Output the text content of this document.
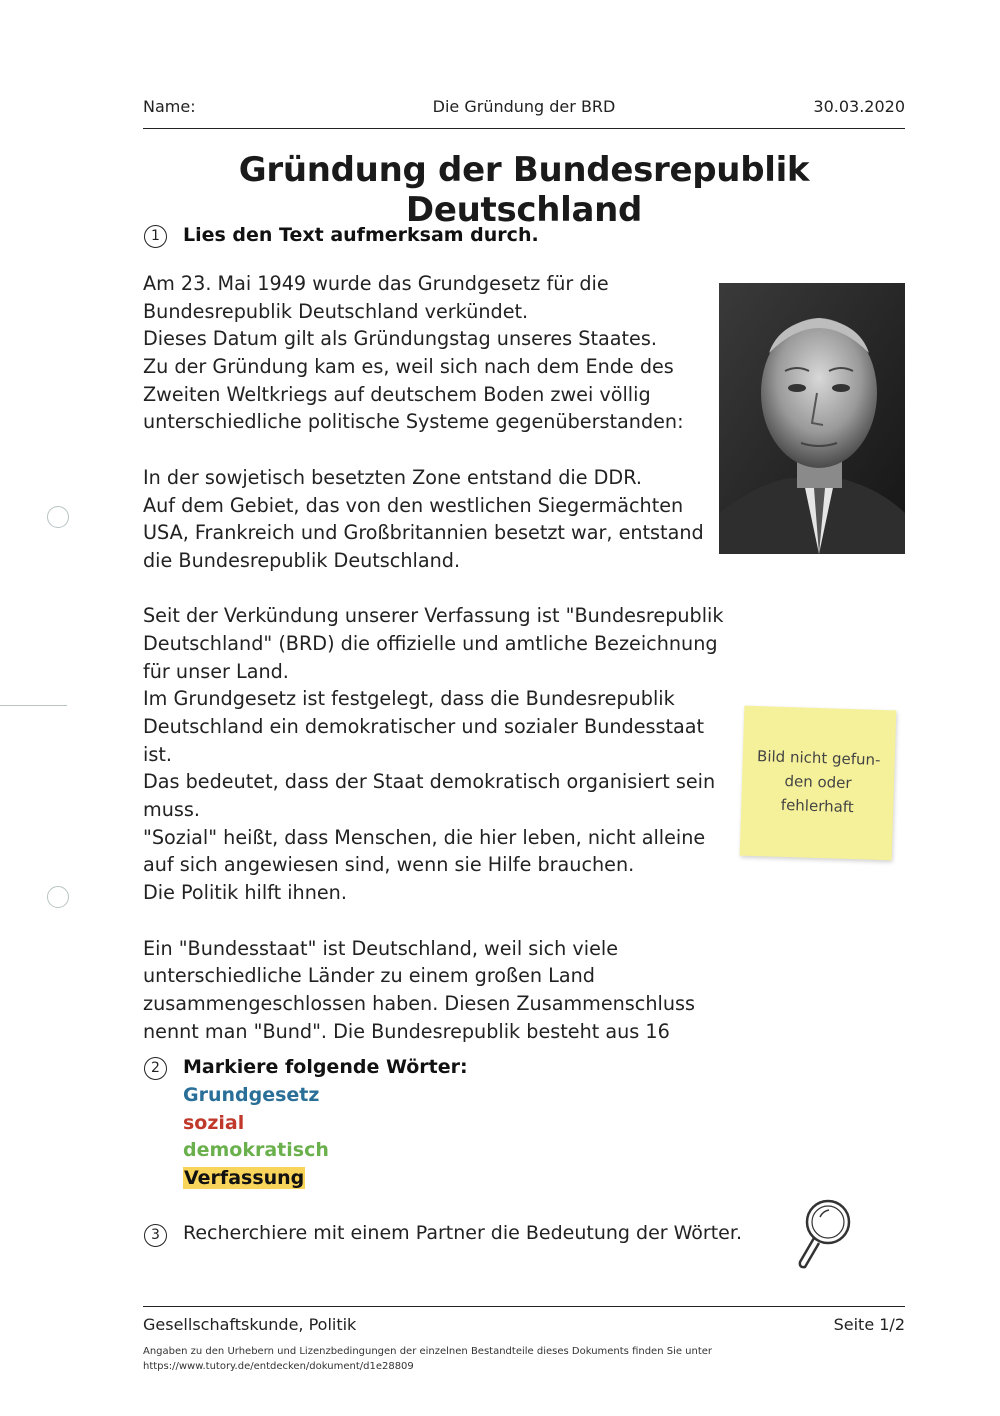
Name:	Die Gründung der BRD	30.03.2020
Gründung der Bundesrepublik Deutschland
1	Lies den Text aufmerksam durch.
Am 23. Mai 1949 wurde das Grundgesetz für die
Bundesrepublik Deutschland verkündet.
Dieses Datum gilt als Gründungstag unseres Staates.
Zu der Gründung kam es, weil sich nach dem Ende des
Zweiten Weltkriegs auf deutschem Boden zwei völlig
unterschiedliche politische Systeme gegenüberstanden:
In der sowjetisch besetzten Zone entstand die DDR.
Auf dem Gebiet, das von den westlichen Siegermächten
USA, Frankreich und Großbritannien besetzt war, entstand
die Bundesrepublik Deutschland.
Seit der Verkündung unserer Verfassung ist "Bundesrepublik
Deutschland" (BRD) die offizielle und amtliche Bezeichnung
für unser Land.
Im Grundgesetz ist festgelegt, dass die Bundesrepublik
Deutschland ein demokratischer und sozialer Bundesstaat
ist.
Das bedeutet, dass der Staat demokratisch organisiert sein
muss.
"Sozial" heißt, dass Menschen, die hier leben, nicht alleine
auf sich angewiesen sind, wenn sie Hilfe brauchen.
Die Politik hilft ihnen.
Ein "Bundesstaat" ist Deutschland, weil sich viele
unterschiedliche Länder zu einem großen Land
zusammengeschlossen haben. Diesen Zusammenschluss
nennt man "Bund". Die Bundesrepublik besteht aus 16
Bild nicht gefun-den oder fehlerhaft
2	Markiere folgende Wörter:
Grundgesetz
sozial
demokratisch
Verfassung
3	Recherchiere mit einem Partner die Bedeutung der Wörter.
Gesellschaftskunde, Politik	Seite 1/2
Angaben zu den Urhebern und Lizenzbedingungen der einzelnen Bestandteile dieses Dokuments finden Sie unter
https://www.tutory.de/entdecken/dokument/d1e28809
